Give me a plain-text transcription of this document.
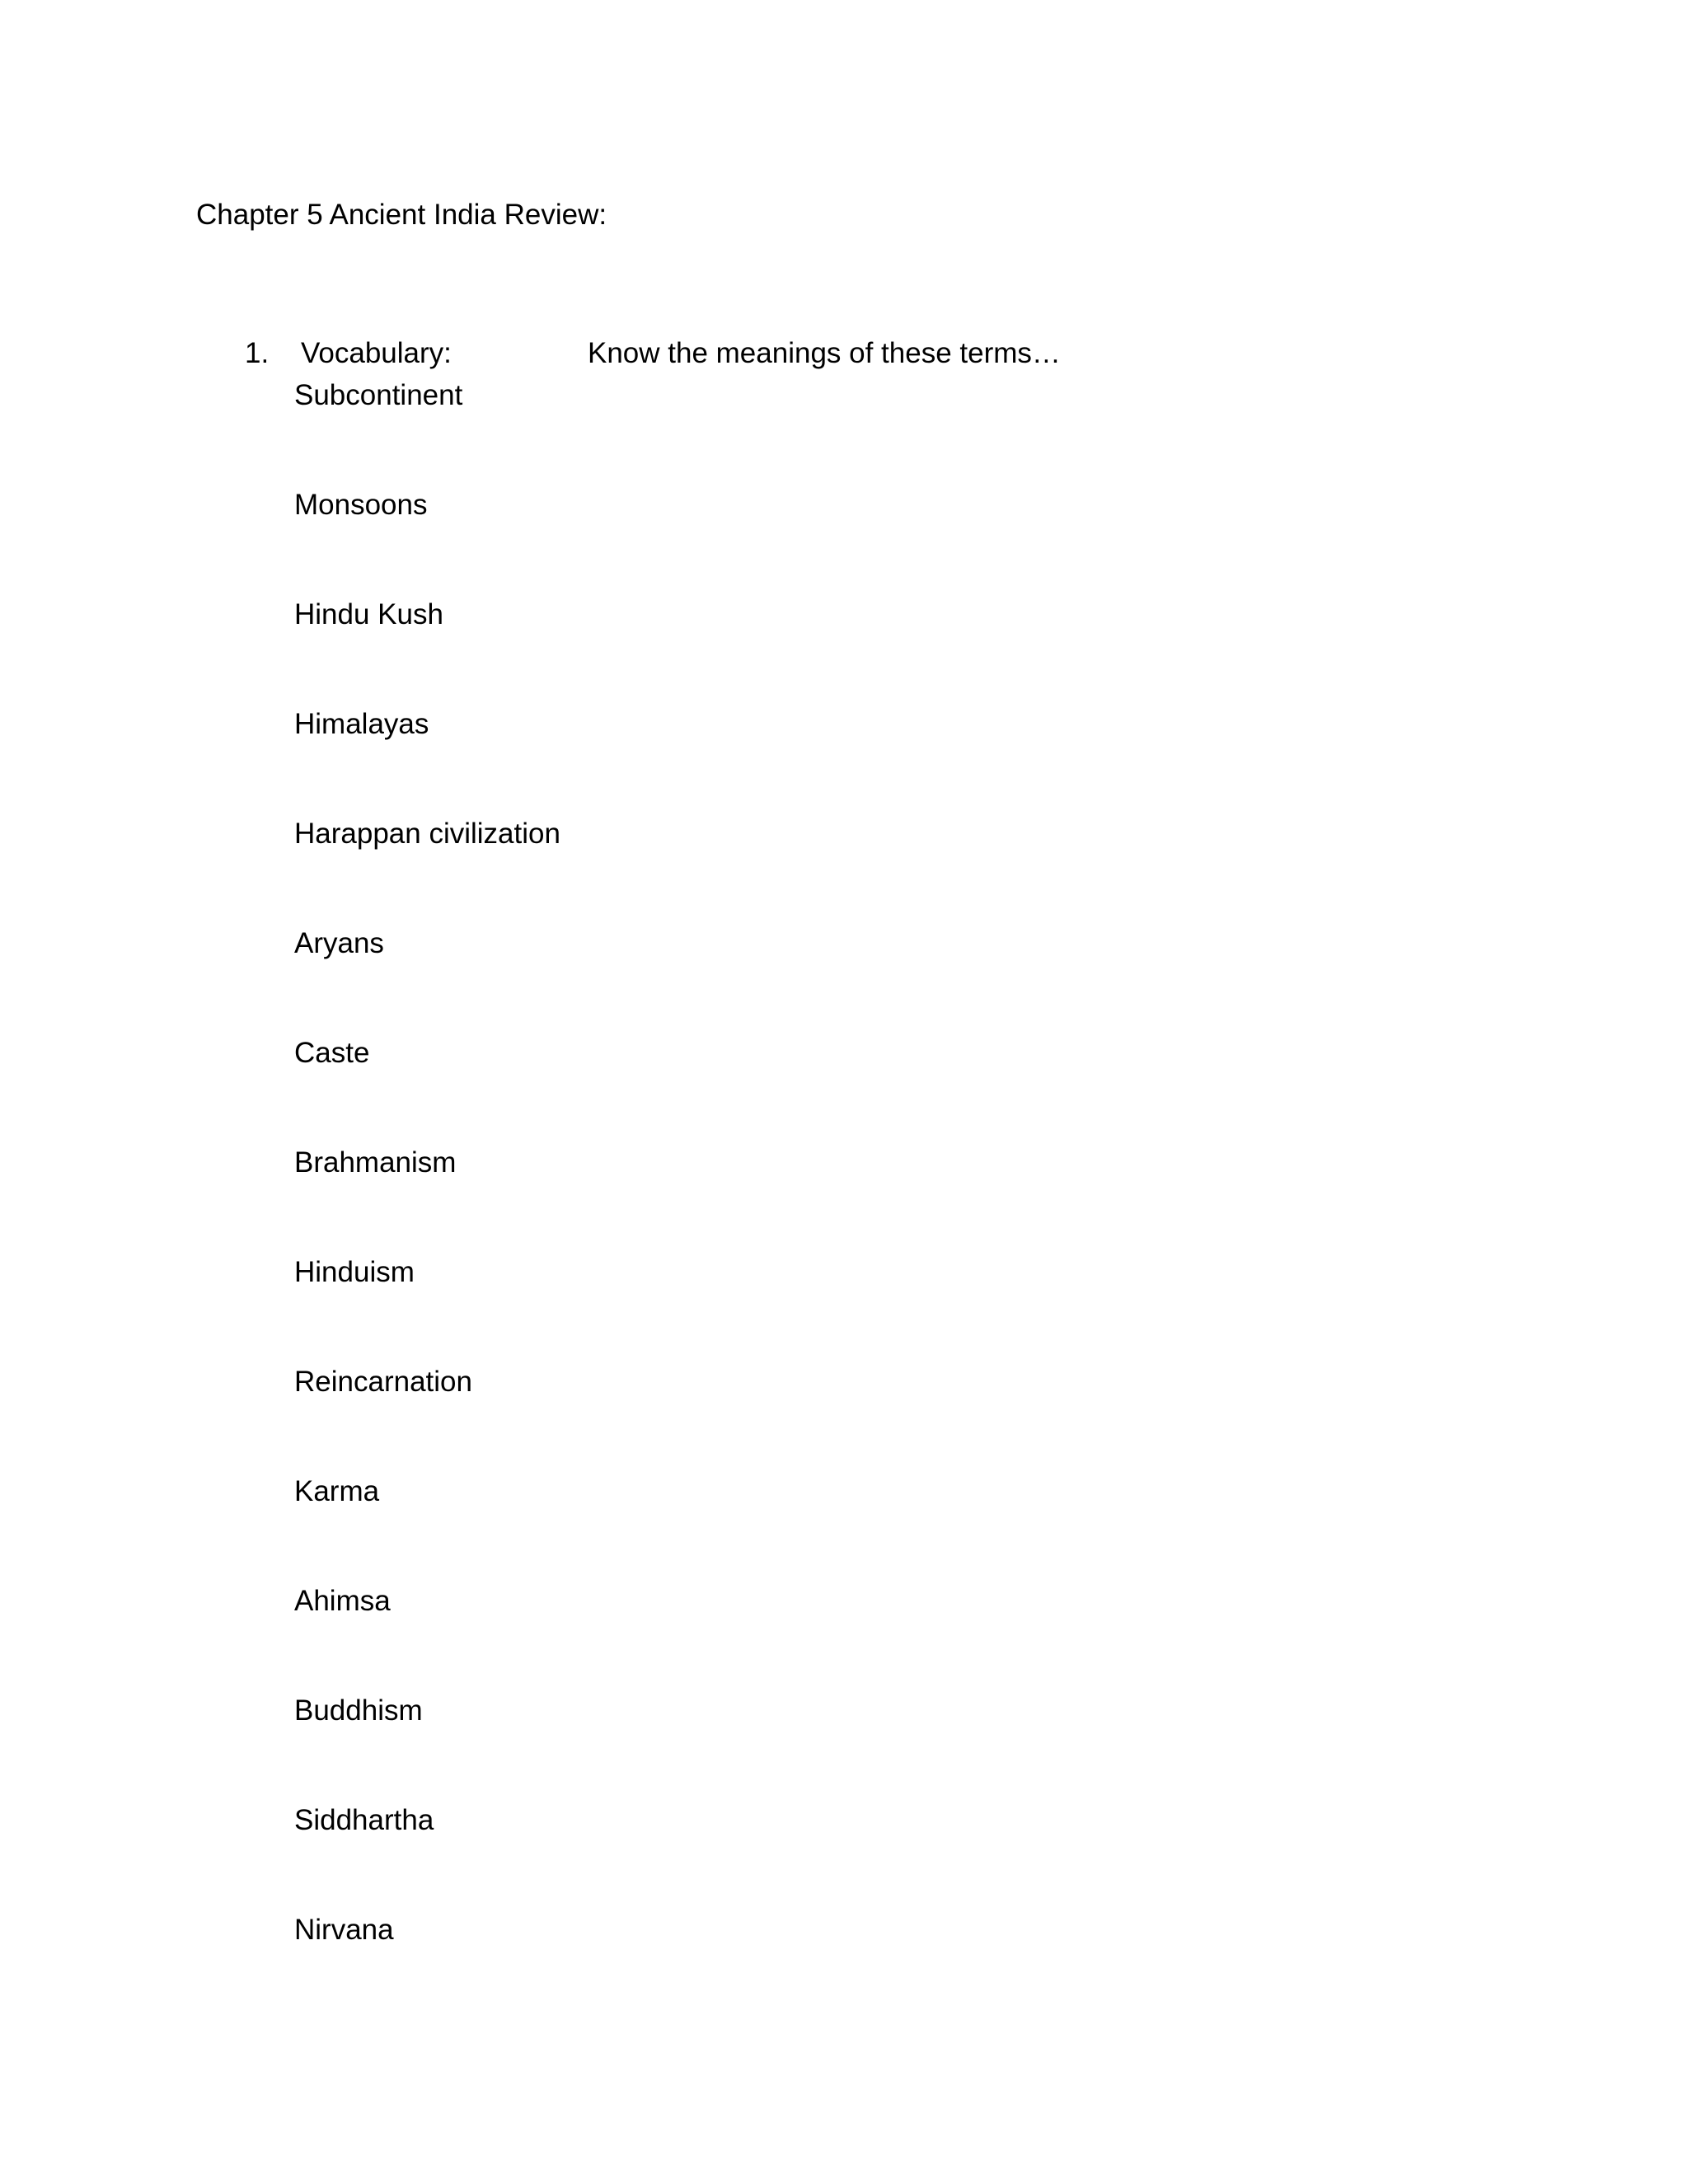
Chapter 5 Ancient India Review:
1. Vocabulary:	Know the meanings of these terms…
Subcontinent
Monsoons
Hindu Kush
Himalayas
Harappan civilization
Aryans
Caste
Brahmanism
Hinduism
Reincarnation
Karma
Ahimsa
Buddhism
Siddhartha
Nirvana
